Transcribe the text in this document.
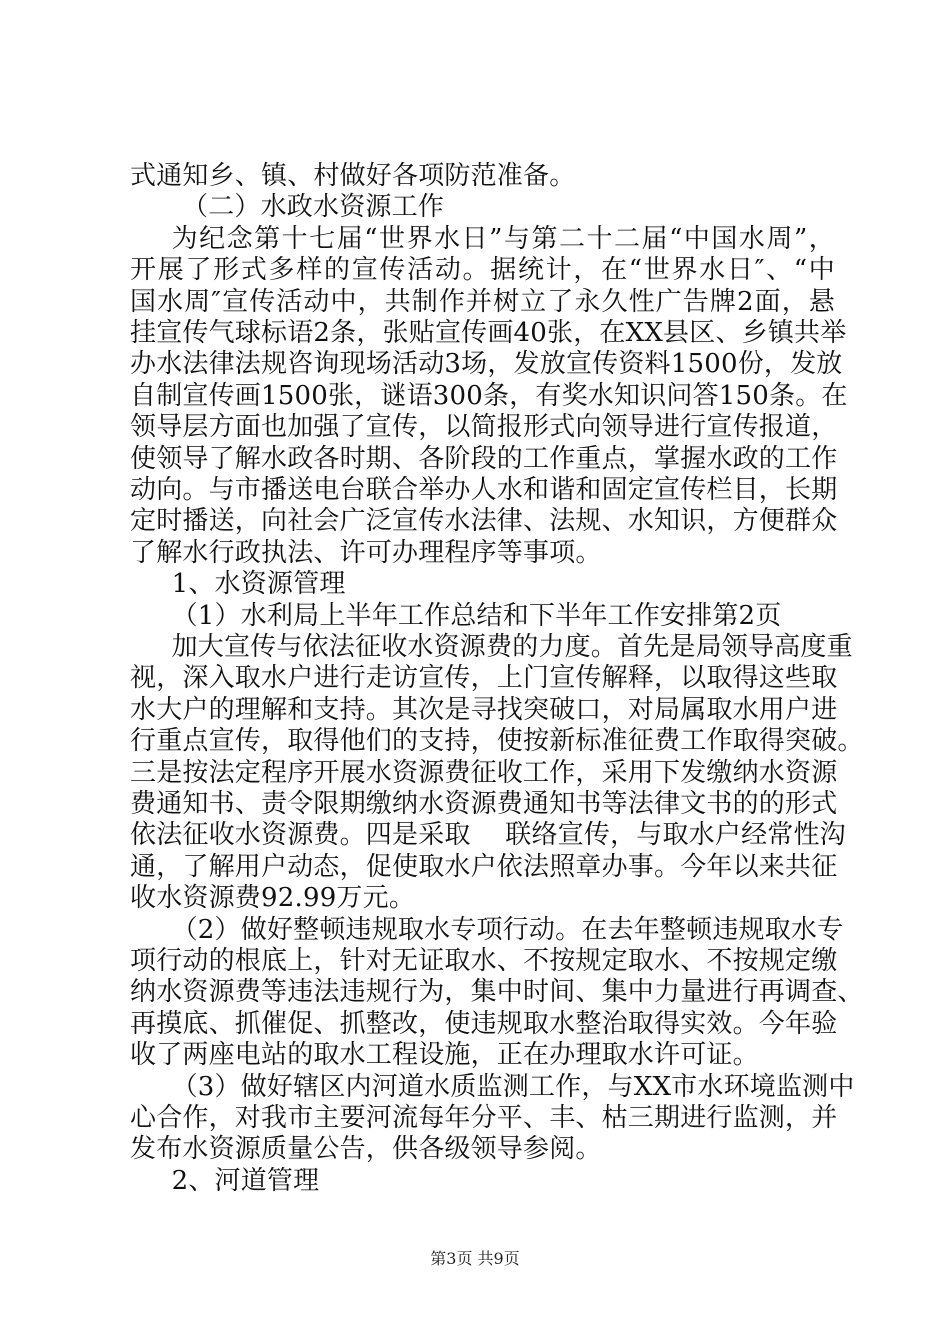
式通知乡、镇、村做好各项防范准备。
（二）水政水资源工作
为纪念第十七届“世界水日”与第二十二届“中国水周”，
开展了形式多样的宣传活动。据统计，在“世界水日″、“中
国水周″宣传活动中，共制作并树立了永久性广告牌2面，悬
挂宣传气球标语2条，张贴宣传画40张，在XX县区、乡镇共举
办水法律法规咨询现场活动3场，发放宣传资料1500份，发放
自制宣传画1500张，谜语300条，有奖水知识问答150条。在
领导层方面也加强了宣传，以简报形式向领导进行宣传报道，
使领导了解水政各时期、各阶段的工作重点，掌握水政的工作
动向。与市播送电台联合举办人水和谐和固定宣传栏目，长期
定时播送，向社会广泛宣传水法律、法规、水知识，方便群众
了解水行政执法、许可办理程序等事项。
1、水资源管理
（1）水利局上半年工作总结和下半年工作安排第2页
加大宣传与依法征收水资源费的力度。首先是局领导高度重
视，深入取水户进行走访宣传，上门宣传解释，以取得这些取
水大户的理解和支持。其次是寻找突破口，对局属取水用户进
行重点宣传，取得他们的支持，使按新标准征费工作取得突破。
三是按法定程序开展水资源费征收工作，采用下发缴纳水资源
费通知书、责令限期缴纳水资源费通知书等法律文书的的形式
依法征收水资源费。四是采取　 联络宣传，与取水户经常性沟
通，了解用户动态，促使取水户依法照章办事。今年以来共征
收水资源费92.99万元。
（2）做好整顿违规取水专项行动。在去年整顿违规取水专
项行动的根底上，针对无证取水、不按规定取水、不按规定缴
纳水资源费等违法违规行为，集中时间、集中力量进行再调查、
再摸底、抓催促、抓整改，使违规取水整治取得实效。今年验
收了两座电站的取水工程设施，正在办理取水许可证。
（3）做好辖区内河道水质监测工作，与XX市水环境监测中
心合作，对我市主要河流每年分平、丰、枯三期进行监测，并
发布水资源质量公告，供各级领导参阅。
2、河道管理
第3页 共9页
